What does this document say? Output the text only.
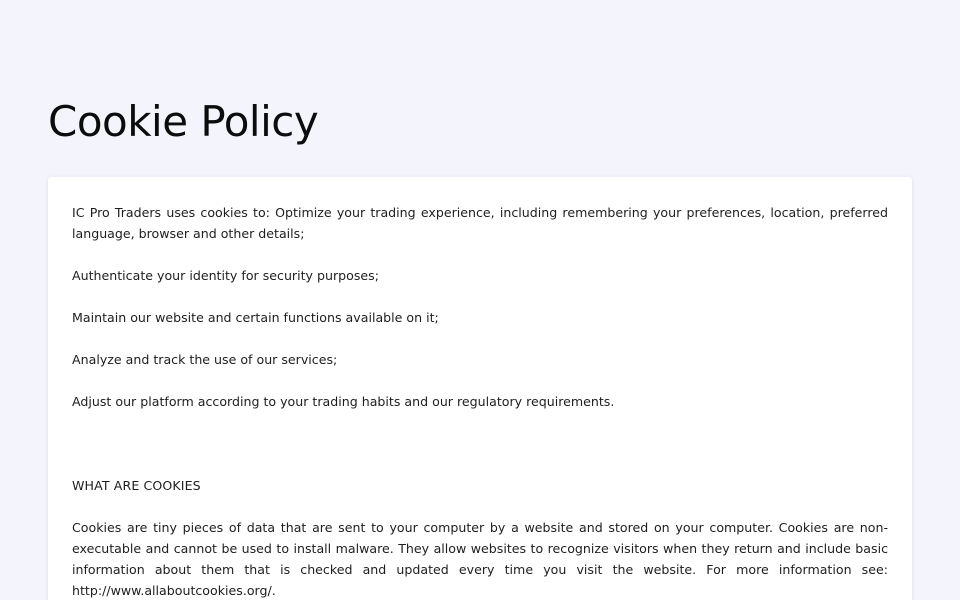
Cookie Policy

IC Pro Traders uses cookies to: Optimize your trading experience, including remembering your preferences, location, preferred language, browser and other details;

Authenticate your identity for security purposes;

Maintain our website and certain functions available on it;

Analyze and track the use of our services;

Adjust our platform according to your trading habits and our regulatory requirements.

WHAT ARE COOKIES

Cookies are tiny pieces of data that are sent to your computer by a website and stored on your computer. Cookies are non-executable and cannot be used to install malware. They allow websites to recognize visitors when they return and include basic information about them that is checked and updated every time you visit the website. For more information see: http://www.allaboutcookies.org/.
